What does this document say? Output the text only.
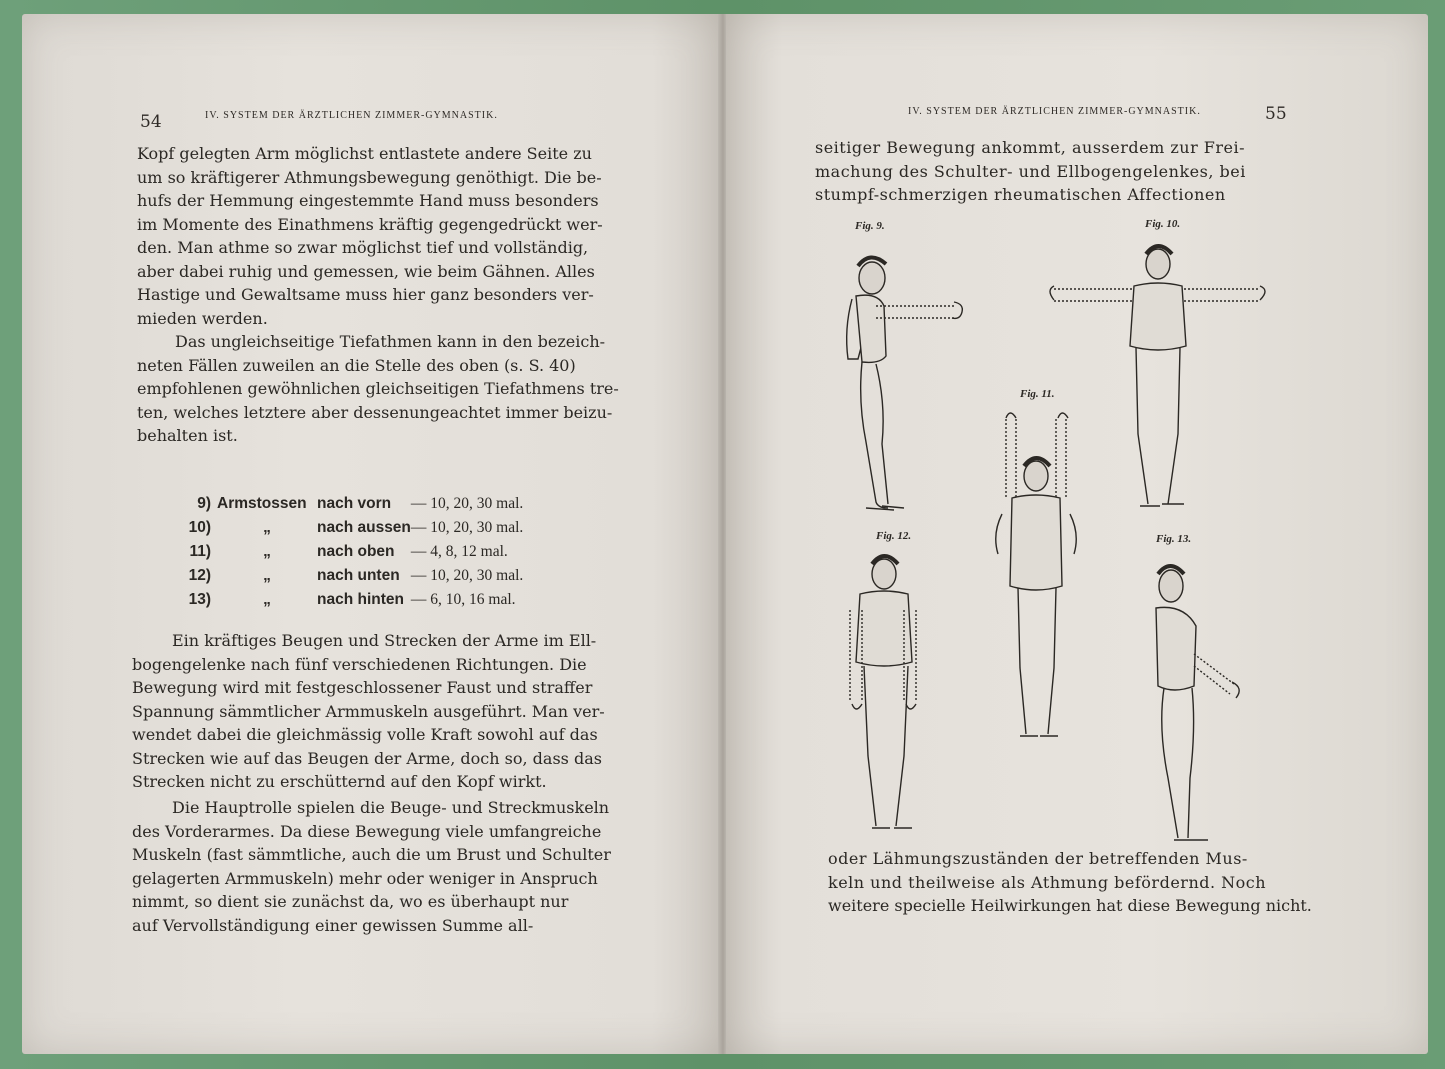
54	IV. SYSTEM DER ÄRZTLICHEN ZIMMER-GYMNASTIK.
Kopf gelegten Arm möglichst entlastete andere Seite zu
um so kräftigerer Athmungsbewegung genöthigt. Die be-
hufs der Hemmung eingestemmte Hand muss besonders
im Momente des Einathmens kräftig gegengedrückt wer-
den. Man athme so zwar möglichst tief und vollständig,
aber dabei ruhig und gemessen, wie beim Gähnen. Alles
Hastige und Gewaltsame muss hier ganz besonders ver-
mieden werden.
Das ungleichseitige Tiefathmen kann in den bezeich-
neten Fällen zuweilen an die Stelle des oben (s. S. 40)
empfohlenen gewöhnlichen gleichseitigen Tiefathmens tre-
ten, welches letztere aber dessenungeachtet immer beizu-
behalten ist.
9)	Armstossen	nach vorn	— 10, 20, 30 mal.
10)	„	nach aussen	— 10, 20, 30 mal.
11)	„	nach oben	— 4, 8, 12 mal.
12)	„	nach unten	— 10, 20, 30 mal.
13)	„	nach hinten	— 6, 10, 16 mal.
Ein kräftiges Beugen und Strecken der Arme im Ell-
bogengelenke nach fünf verschiedenen Richtungen. Die
Bewegung wird mit festgeschlossener Faust und straffer
Spannung sämmtlicher Armmuskeln ausgeführt. Man ver-
wendet dabei die gleichmässig volle Kraft sowohl auf das
Strecken wie auf das Beugen der Arme, doch so, dass das
Strecken nicht zu erschütternd auf den Kopf wirkt.
Die Hauptrolle spielen die Beuge- und Streckmuskeln
des Vorderarmes. Da diese Bewegung viele umfangreiche
Muskeln (fast sämmtliche, auch die um Brust und Schulter
gelagerten Armmuskeln) mehr oder weniger in Anspruch
nimmt, so dient sie zunächst da, wo es überhaupt nur
auf Vervollständigung einer gewissen Summe all-
IV. SYSTEM DER ÄRZTLICHEN ZIMMER-GYMNASTIK.	55
seitiger Bewegung ankommt, ausserdem zur Frei-
machung des Schulter- und Ellbogengelenkes, bei
stumpf-schmerzigen rheumatischen Affectionen
Fig. 9.	Fig. 10.
Fig. 11.
Fig. 12.	Fig. 13.
oder Lähmungszuständen der betreffenden Mus-
keln und theilweise als Athmung befördernd. Noch
weitere specielle Heilwirkungen hat diese Bewegung nicht.
